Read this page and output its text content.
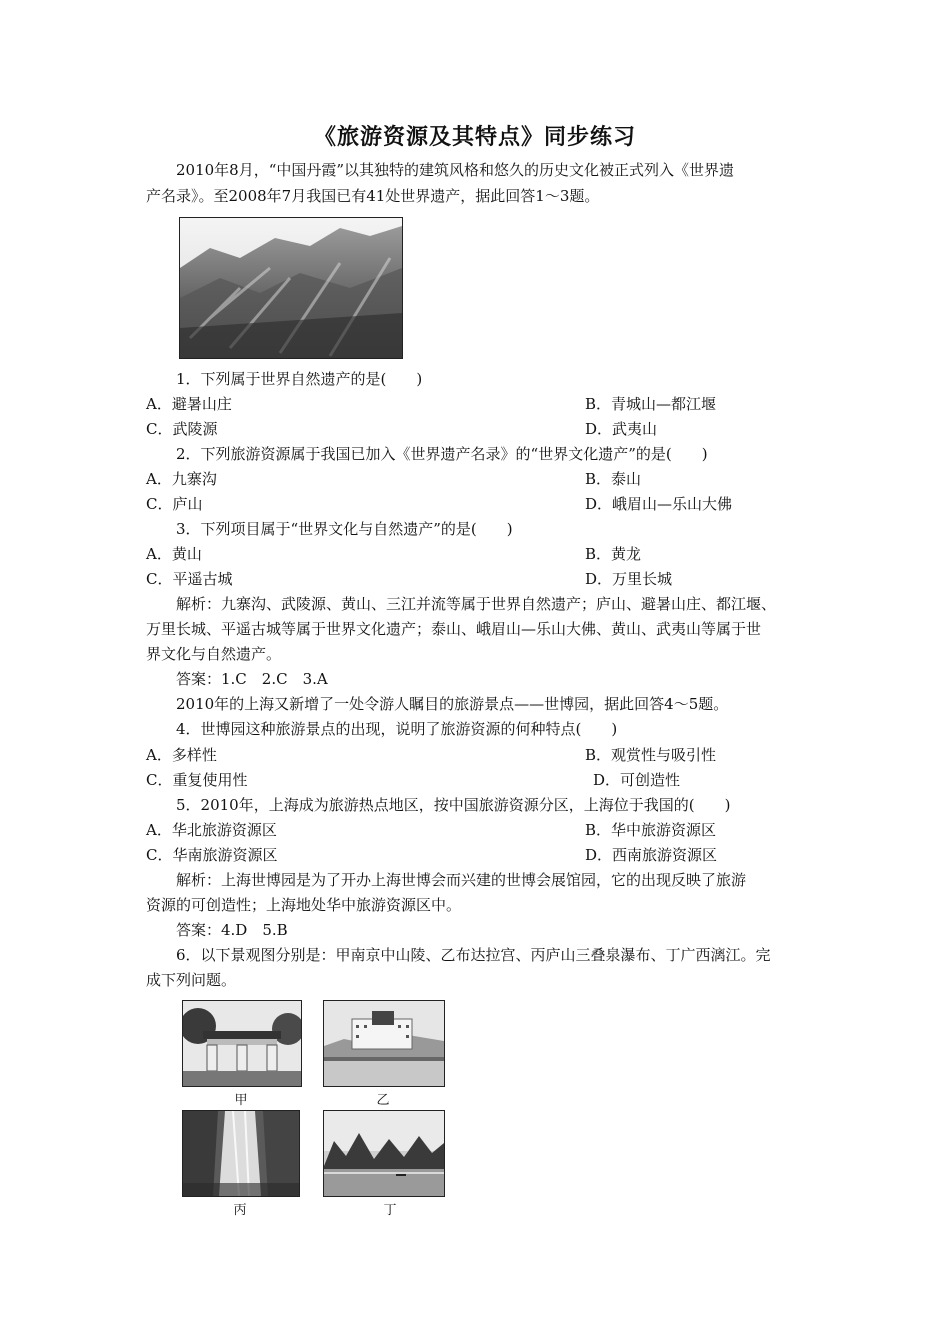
《旅游资源及其特点》同步练习
2010年8月，“中国丹霞”以其独特的建筑风格和悠久的历史文化被正式列入《世界遗
产名录》。至2008年7月我国已有41处世界遗产，据此回答1～3题。
1．下列属于世界自然遗产的是(　　)
A．避暑山庄	B．青城山—都江堰
C．武陵源	D．武夷山
2．下列旅游资源属于我国已加入《世界遗产名录》的“世界文化遗产”的是(　　)
A．九寨沟	B．泰山
C．庐山	D．峨眉山—乐山大佛
3．下列项目属于“世界文化与自然遗产”的是(　　)
A．黄山	B．黄龙
C．平遥古城	D．万里长城
解析：九寨沟、武陵源、黄山、三江并流等属于世界自然遗产；庐山、避暑山庄、都江堰、
万里长城、平遥古城等属于世界文化遗产；泰山、峨眉山—乐山大佛、黄山、武夷山等属于世
界文化与自然遗产。
答案：1.C　2.C　3.A
2010年的上海又新增了一处令游人瞩目的旅游景点——世博园，据此回答4～5题。
4．世博园这种旅游景点的出现，说明了旅游资源的何种特点(　　)
A．多样性	B．观赏性与吸引性
C．重复使用性	D．可创造性
5．2010年，上海成为旅游热点地区，按中国旅游资源分区，上海位于我国的(　　)
A．华北旅游资源区	B．华中旅游资源区
C．华南旅游资源区	D．西南旅游资源区
解析：上海世博园是为了开办上海世博会而兴建的世博会展馆园，它的出现反映了旅游
资源的可创造性；上海地处华中旅游资源区中。
答案：4.D　5.B
6．以下景观图分别是：甲南京中山陵、乙布达拉宫、丙庐山三叠泉瀑布、丁广西漓江。完
成下列问题。
甲	乙
丙	丁
